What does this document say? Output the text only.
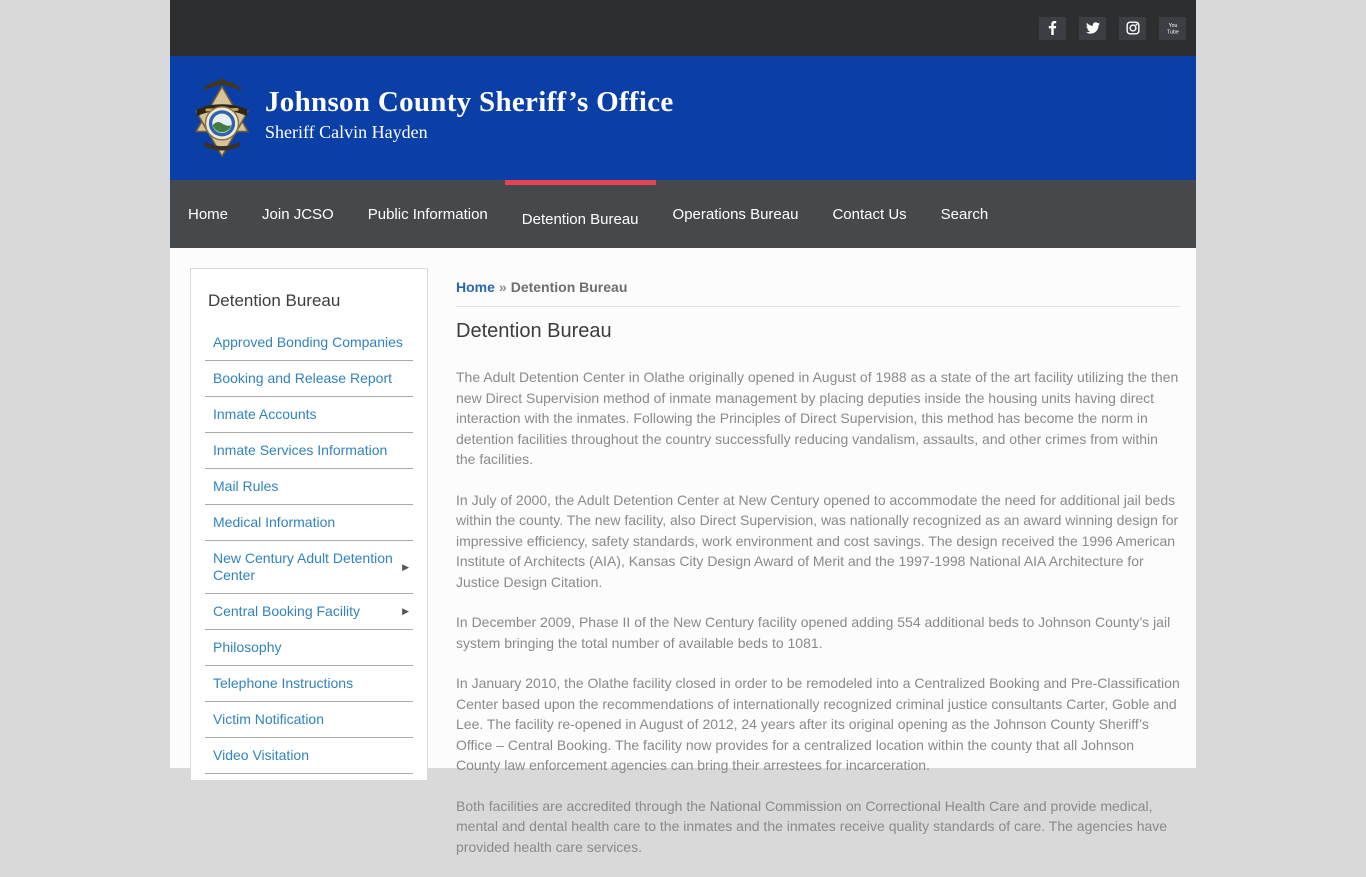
You
Tube
Johnson County Sheriff’s Office
Sheriff Calvin Hayden
Home Join JCSO Public Information Detention Bureau Operations Bureau Contact Us Search
Detention Bureau
Approved Bonding Companies
Booking and Release Report
Inmate Accounts
Inmate Services Information
Mail Rules
Medical Information
New Century Adult Detention Center
▶
Central Booking Facility	▶
Philosophy
Telephone Instructions
Victim Notification
Video Visitation
Home » Detention Bureau
Detention Bureau

The Adult Detention Center in Olathe originally opened in August of 1988 as a state of the art facility utilizing the then new Direct Supervision method of inmate management by placing deputies inside the housing units having direct interaction with the inmates. Following the Principles of Direct Supervision, this method has become the norm in detention facilities throughout the country successfully reducing vandalism, assaults, and other crimes from within the facilities.

In July of 2000, the Adult Detention Center at New Century opened to accommodate the need for additional jail beds within the county. The new facility, also Direct Supervision, was nationally recognized as an award winning design for impressive efficiency, safety standards, work environment and cost savings. The design received the 1996 American Institute of Architects (AIA), Kansas City Design Award of Merit and the 1997-1998 National AIA Architecture for Justice Design Citation.

In December 2009, Phase II of the New Century facility opened adding 554 additional beds to Johnson County’s jail system bringing the total number of available beds to 1081.

In January 2010, the Olathe facility closed in order to be remodeled into a Centralized Booking and Pre-Classification Center based upon the recommendations of internationally recognized criminal justice consultants Carter, Goble and Lee. The facility re-opened in August of 2012, 24 years after its original opening as the Johnson County Sheriff’s Office – Central Booking. The facility now provides for a centralized location within the county that all Johnson County law enforcement agencies can bring their arrestees for incarceration.

Both facilities are accredited through the National Commission on Correctional Health Care and provide medical, mental and dental health care to the inmates and the inmates receive quality standards of care. The agencies have provided health care services.
